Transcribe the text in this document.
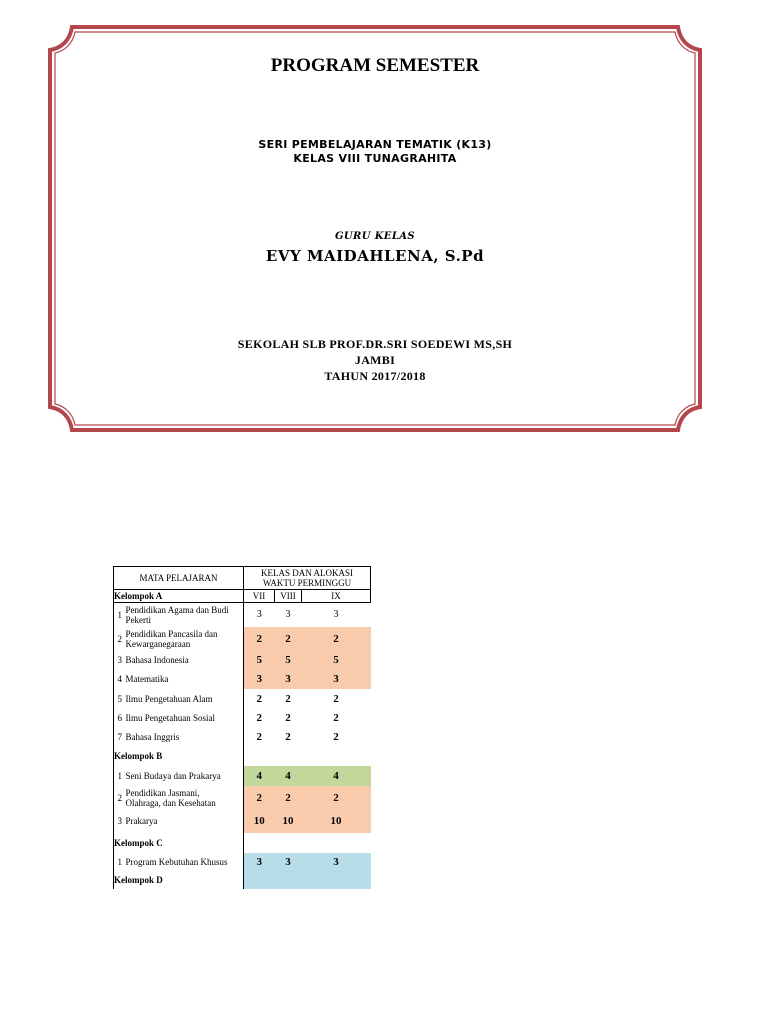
PROGRAM SEMESTER
SERI PEMBELAJARAN TEMATIK (K13)
KELAS VIII TUNAGRAHITA
GURU KELAS
EVY MAIDAHLENA, S.Pd
SEKOLAH SLB PROF.DR.SRI SOEDEWI MS,SH
JAMBI
TAHUN 2017/2018
MATA PELAJARAN		KELAS DAN ALOKASI
WAKTU PERMINGGU		

Kelompok A		VII	VIII	IX
1	Pendidikan Agama dan Budi
Pekerti	3	3	3
2	Pendidikan Pancasila dan
Kewarganegaraan	2	2	2
3	Bahasa Indonesia	5	5	5
4	Matematika	3	3	3
5	Ilmu Pengetahuan Alam	2	2	2
6	Ilmu Pengetahuan Sosial	2	2	2
7	Bahasa Inggris	2	2	2
Kelompok B				
1	Seni Budaya dan Prakarya	4	4	4
2	Pendidikan Jasmani,
Olahraga, dan Kesehatan	2	2	2
3	Prakarya	10	10	10
Kelompok C				
1	Program Kebutuhan Khusus	3	3	3
Kelompok D				
